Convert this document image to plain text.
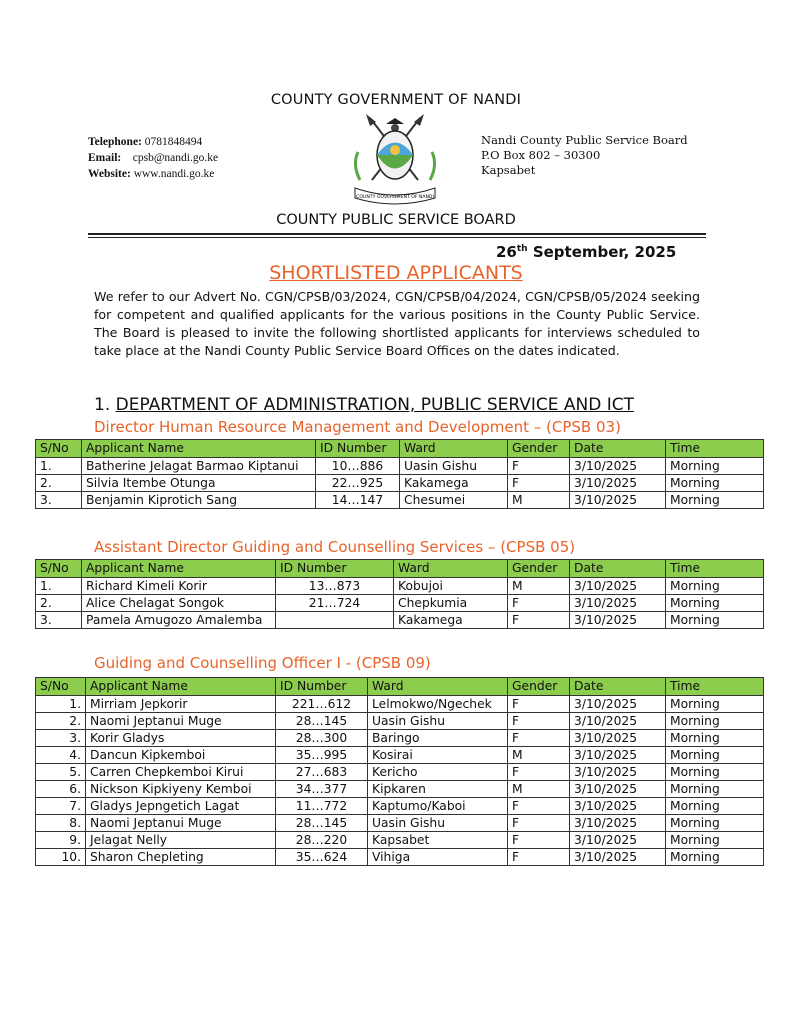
COUNTY GOVERNMENT OF NANDI
Telephone: 0781848494
Email: cpsb@nandi.go.ke
Website: www.nandi.go.ke
COUNTY GOVERNMENT OF NANDI
Nandi County Public Service Board
P.O Box 802 – 30300
Kapsabet
COUNTY PUBLIC SERVICE BOARD
26th September, 2025
SHORTLISTED APPLICANTS
We refer to our Advert No. CGN/CPSB/03/2024, CGN/CPSB/04/2024, CGN/CPSB/05/2024 seeking for competent and qualified applicants for the various positions in the County Public Service. The Board is pleased to invite the following shortlisted applicants for interviews scheduled to take place at the Nandi County Public Service Board Offices on the dates indicated.
1. DEPARTMENT OF ADMINISTRATION, PUBLIC SERVICE AND ICT
Director Human Resource Management and Development – (CPSB 03)
S/No	Applicant Name	ID Number	Ward	Gender	Date	Time
1.	Batherine Jelagat Barmao Kiptanui	10…886	Uasin Gishu	F	3/10/2025	Morning
2.	Silvia Itembe Otunga	22…925	Kakamega	F	3/10/2025	Morning
3.	Benjamin Kiprotich Sang	14…147	Chesumei	M	3/10/2025	Morning
Assistant Director Guiding and Counselling Services – (CPSB 05)
S/No	Applicant Name	ID Number	Ward	Gender	Date	Time
1.	Richard Kimeli Korir	13…873	Kobujoi	M	3/10/2025	Morning
2.	Alice Chelagat Songok	21…724	Chepkumia	F	3/10/2025	Morning
3.	Pamela Amugozo Amalemba		Kakamega	F	3/10/2025	Morning
Guiding and Counselling Officer I - (CPSB 09)
S/No	Applicant Name	ID Number	Ward	Gender	Date	Time
1.	Mirriam Jepkorir	221…612	Lelmokwo/Ngechek	F	3/10/2025	Morning
2.	Naomi Jeptanui Muge	28…145	Uasin Gishu	F	3/10/2025	Morning
3.	Korir Gladys	28…300	Baringo	F	3/10/2025	Morning
4.	Dancun Kipkemboi	35…995	Kosirai	M	3/10/2025	Morning
5.	Carren Chepkemboi Kirui	27…683	Kericho	F	3/10/2025	Morning
6.	Nickson Kipkiyeny Kemboi	34…377	Kipkaren	M	3/10/2025	Morning
7.	Gladys Jepngetich Lagat	11…772	Kaptumo/Kaboi	F	3/10/2025	Morning
8.	Naomi Jeptanui Muge	28…145	Uasin Gishu	F	3/10/2025	Morning
9.	Jelagat Nelly	28…220	Kapsabet	F	3/10/2025	Morning
10.	Sharon Chepleting	35…624	Vihiga	F	3/10/2025	Morning
